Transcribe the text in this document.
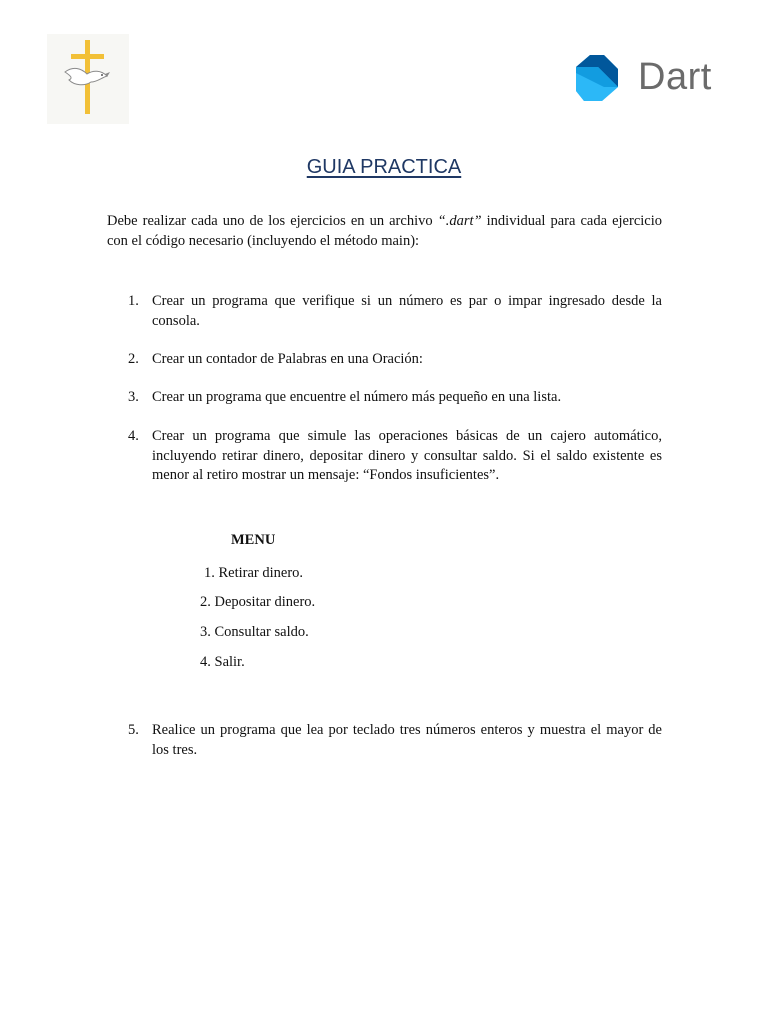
Dart
GUIA PRACTICA
Debe realizar cada uno de los ejercicios en un archivo “.dart” individual para cada ejercicio con el código necesario (incluyendo el método main):
1. Crear un programa que verifique si un número es par o impar ingresado desde la consola.
2. Crear un contador de Palabras en una Oración:
3. Crear un programa que encuentre el número más pequeño en una lista.
4. Crear un programa que simule las operaciones básicas de un cajero automático, incluyendo retirar dinero, depositar dinero y consultar saldo. Si el saldo existente es menor al retiro mostrar un mensaje: “Fondos insuficientes”.
MENU
1. Retirar dinero.
2. Depositar dinero.
3. Consultar saldo.
4. Salir.
5. Realice un programa que lea por teclado tres números enteros y muestra el mayor de los tres.
